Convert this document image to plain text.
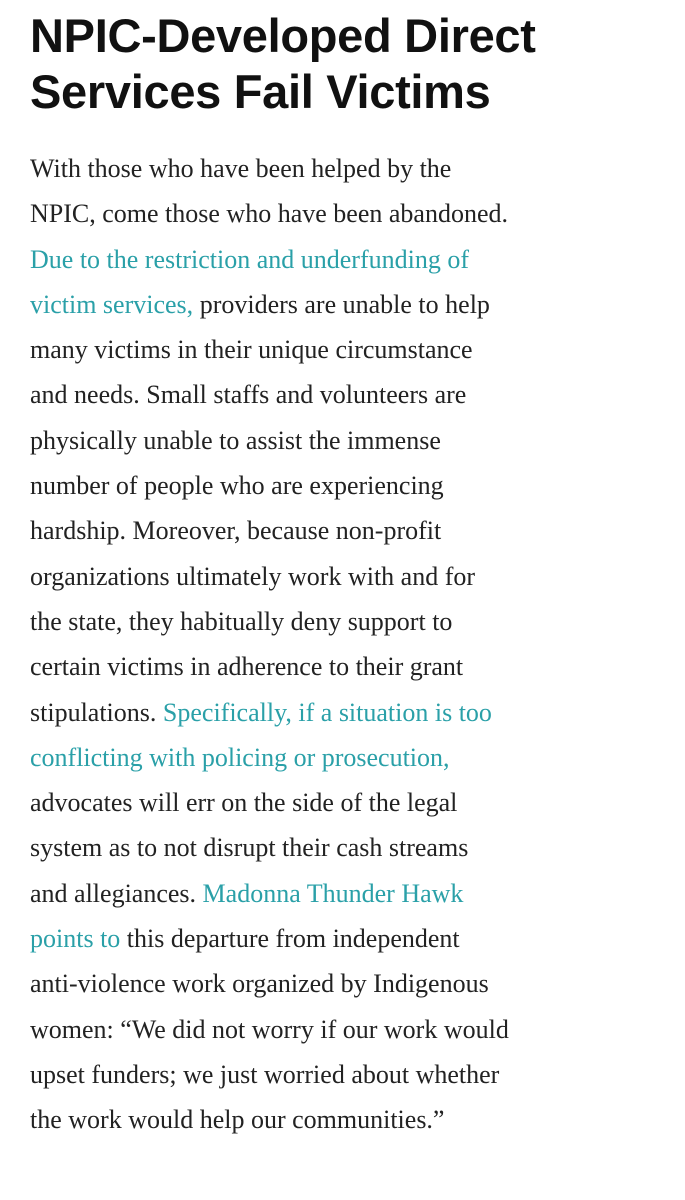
NPIC-Developed Direct
Services Fail Victims
With those who have been helped by the
NPIC, come those who have been abandoned.
Due to the restriction and underfunding of
victim services, providers are unable to help
many victims in their unique circumstance
and needs. Small staffs and volunteers are
physically unable to assist the immense
number of people who are experiencing
hardship. Moreover, because non-profit
organizations ultimately work with and for
the state, they habitually deny support to
certain victims in adherence to their grant
stipulations. Specifically, if a situation is too
conflicting with policing or prosecution,
advocates will err on the side of the legal
system as to not disrupt their cash streams
and allegiances. Madonna Thunder Hawk
points to this departure from independent
anti-violence work organized by Indigenous
women: “We did not worry if our work would
upset funders; we just worried about whether
the work would help our communities.”
